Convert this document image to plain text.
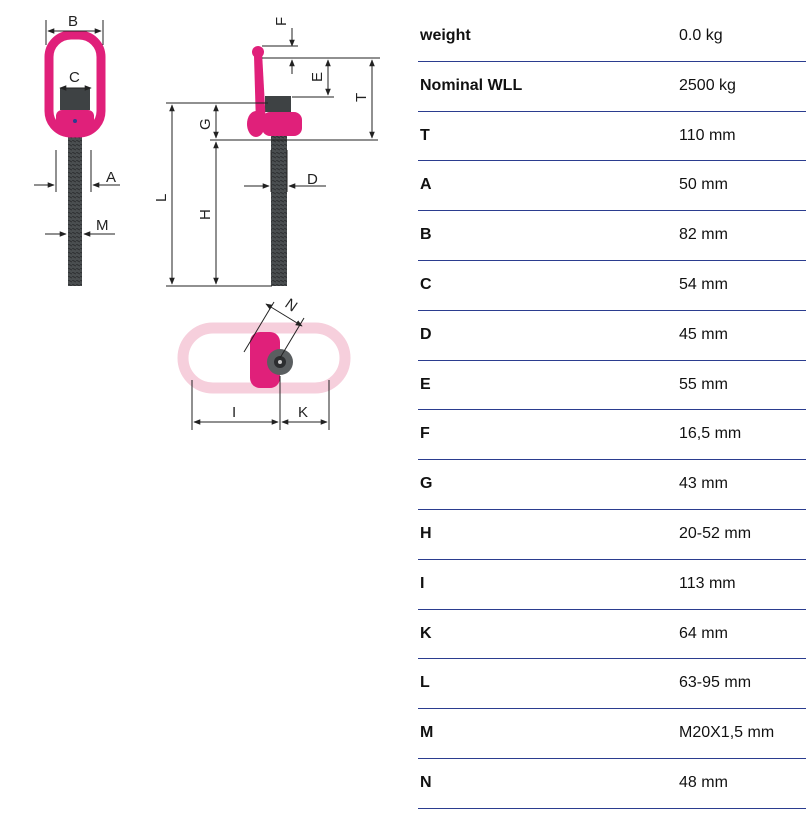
B
C
A
M
F
E
T
G
L
H
D
N
I	K
weight	0.0 kg
Nominal WLL	2500 kg
T	110 mm
A	50 mm
B	82 mm
C	54 mm
D	45 mm
E	55 mm
F	16,5 mm
G	43 mm
H	20-52 mm
I	113 mm
K	64 mm
L	63-95 mm
M	M20X1,5 mm
N	48 mm
